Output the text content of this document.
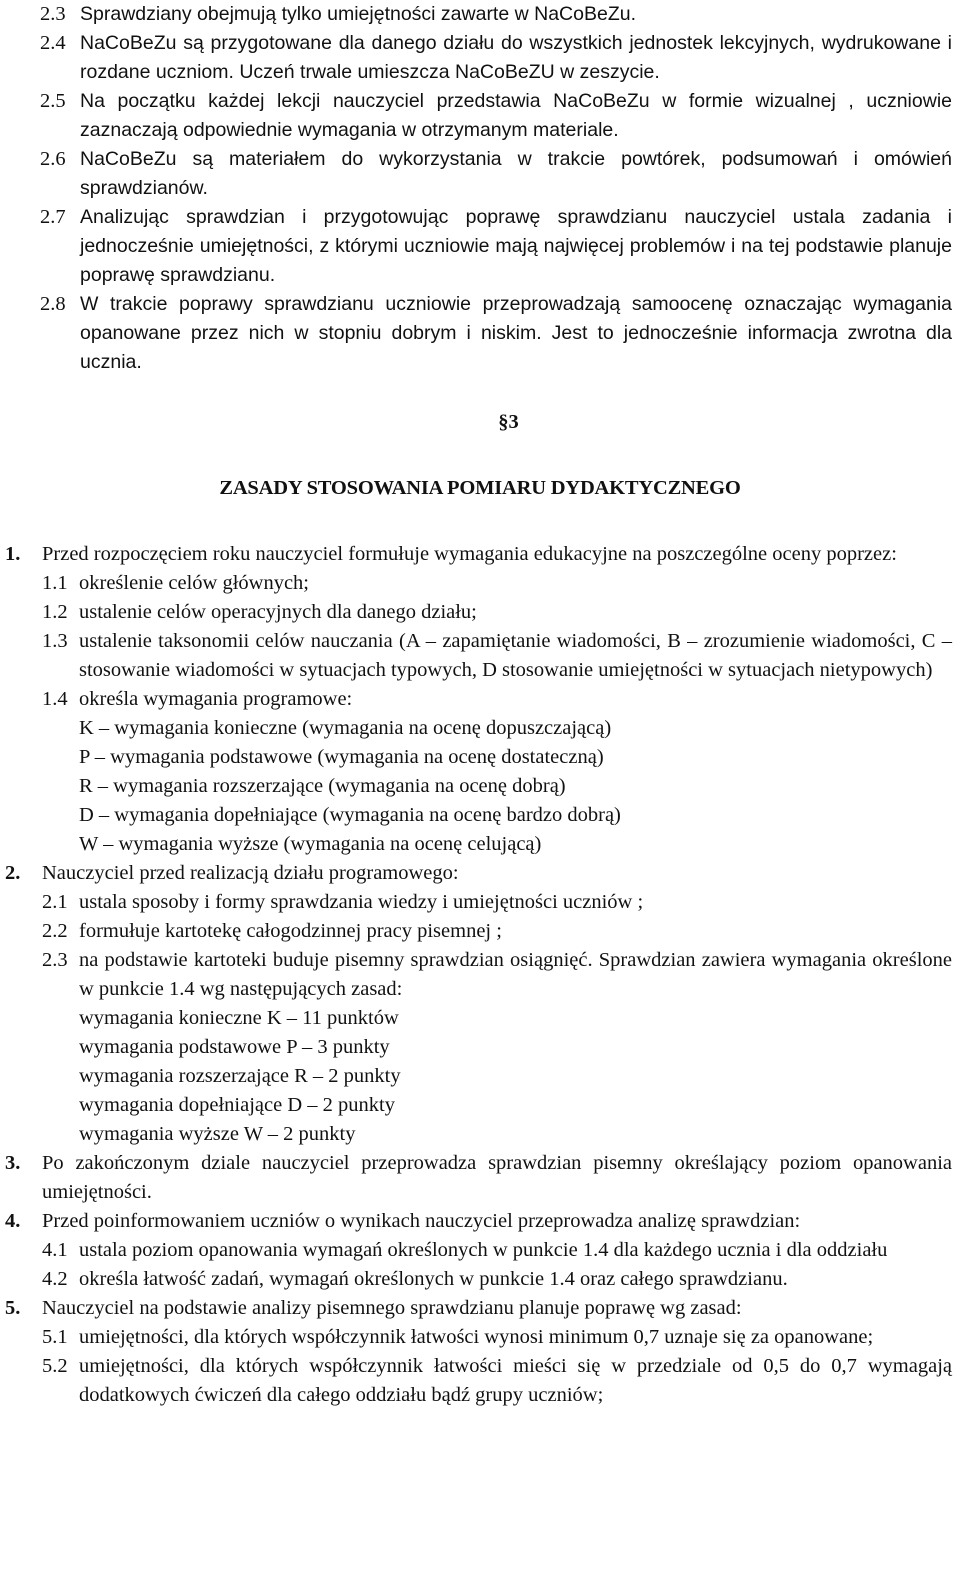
2.3 Sprawdziany obejmują tylko umiejętności zawarte w NaCoBeZu.
2.4 NaCoBeZu są przygotowane dla danego działu do wszystkich jednostek lekcyjnych, wydrukowane i rozdane uczniom. Uczeń trwale umieszcza NaCoBeZU w zeszycie.
2.5 Na początku każdej lekcji nauczyciel przedstawia NaCoBeZu w formie wizualnej , uczniowie zaznaczają odpowiednie wymagania w otrzymanym materiale.
2.6 NaCoBeZu są materiałem do wykorzystania w trakcie powtórek, podsumowań i omówień sprawdzianów.
2.7 Analizując sprawdzian i przygotowując poprawę sprawdzianu nauczyciel ustala zadania i jednocześnie umiejętności, z którymi uczniowie mają najwięcej problemów i na tej podstawie planuje poprawę sprawdzianu.
2.8 W trakcie poprawy sprawdzianu uczniowie przeprowadzają samoocenę oznaczając wymagania opanowane przez nich w stopniu dobrym i niskim. Jest to jednocześnie informacja zwrotna dla ucznia.
§3
ZASADY STOSOWANIA POMIARU DYDAKTYCZNEGO
1.	Przed rozpoczęciem roku nauczyciel formułuje wymagania edukacyjne na poszczególne oceny poprzez:
1.1 określenie celów głównych;
1.2 ustalenie celów operacyjnych dla danego działu;
1.3 ustalenie taksonomii celów nauczania (A – zapamiętanie wiadomości, B – zrozumienie wiadomości, C – stosowanie wiadomości w sytuacjach typowych, D stosowanie umiejętności w sytuacjach nietypowych)
1.4 określa wymagania programowe:
K – wymagania konieczne (wymagania na ocenę dopuszczającą)
P – wymagania podstawowe (wymagania na ocenę dostateczną)
R – wymagania rozszerzające (wymagania na ocenę dobrą)
D – wymagania dopełniające (wymagania na ocenę bardzo dobrą)
W – wymagania wyższe (wymagania na ocenę celującą)
2.	Nauczyciel przed realizacją działu programowego:
2.1 ustala sposoby i formy sprawdzania wiedzy i umiejętności uczniów ;
2.2 formułuje kartotekę całogodzinnej pracy pisemnej ;
2.3 na podstawie kartoteki buduje pisemny sprawdzian osiągnięć. Sprawdzian zawiera wymagania określone w punkcie 1.4 wg następujących zasad:
wymagania konieczne K – 11 punktów
wymagania podstawowe P – 3 punkty
wymagania rozszerzające R – 2 punkty
wymagania dopełniające D – 2 punkty
wymagania wyższe W – 2 punkty
3.	Po zakończonym dziale nauczyciel przeprowadza sprawdzian pisemny określający poziom opanowania umiejętności.
4.	Przed poinformowaniem uczniów o wynikach nauczyciel przeprowadza analizę sprawdzian:
4.1 ustala poziom opanowania wymagań określonych w punkcie 1.4 dla każdego ucznia i dla oddziału
4.2 określa łatwość zadań, wymagań określonych w punkcie 1.4 oraz całego sprawdzianu.
5.	Nauczyciel na podstawie analizy pisemnego sprawdzianu planuje poprawę wg zasad:
5.1 umiejętności, dla których współczynnik łatwości wynosi minimum 0,7 uznaje się za opanowane;
5.2 umiejętności, dla których współczynnik łatwości mieści się w przedziale od 0,5 do 0,7 wymagają dodatkowych ćwiczeń dla całego oddziału bądź grupy uczniów;
